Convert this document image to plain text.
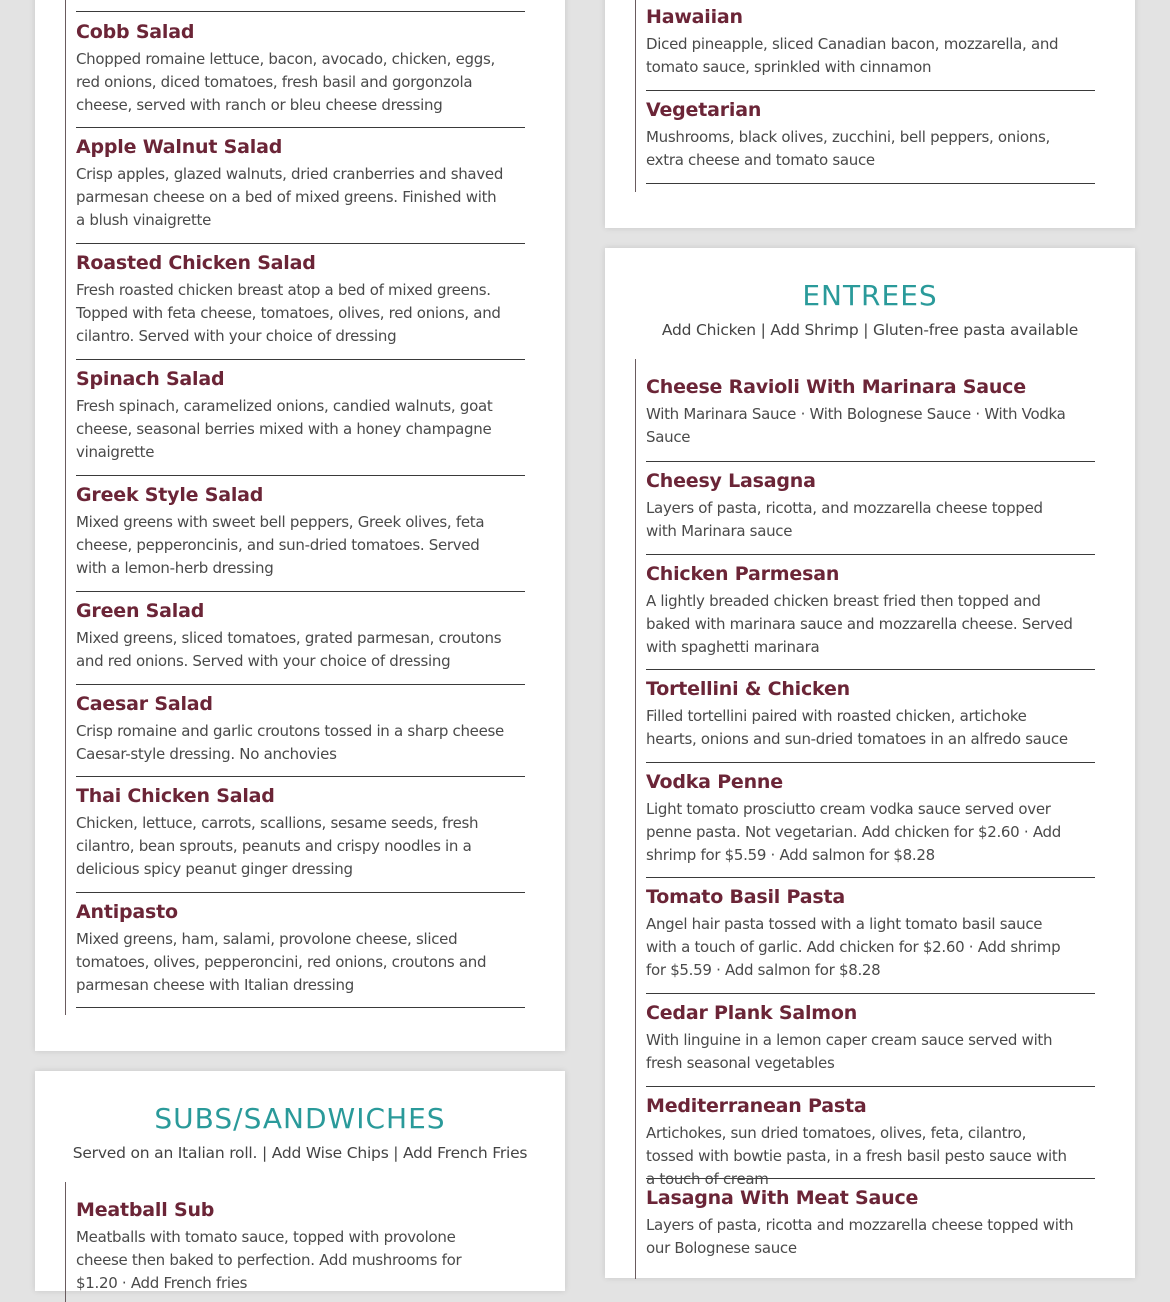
Cobb Salad

Chopped romaine lettuce, bacon, avocado, chicken, eggs, red onions, diced tomatoes, fresh basil and gorgonzola cheese, served with ranch or bleu cheese dressing

Apple Walnut Salad

Crisp apples, glazed walnuts, dried cranberries and shaved parmesan cheese on a bed of mixed greens. Finished with a blush vinaigrette

Roasted Chicken Salad

Fresh roasted chicken breast atop a bed of mixed greens. Topped with feta cheese, tomatoes, olives, red onions, and cilantro. Served with your choice of dressing

Spinach Salad

Fresh spinach, caramelized onions, candied walnuts, goat cheese, seasonal berries mixed with a honey champagne vinaigrette

Greek Style Salad

Mixed greens with sweet bell peppers, Greek olives, feta cheese, pepperoncinis, and sun-dried tomatoes. Served with a lemon-herb dressing

Green Salad

Mixed greens, sliced tomatoes, grated parmesan, croutons and red onions. Served with your choice of dressing

Caesar Salad

Crisp romaine and garlic croutons tossed in a sharp cheese Caesar-style dressing. No anchovies

Thai Chicken Salad

Chicken, lettuce, carrots, scallions, sesame seeds, fresh cilantro, bean sprouts, peanuts and crispy noodles in a delicious spicy peanut ginger dressing

Antipasto

Mixed greens, ham, salami, provolone cheese, sliced tomatoes, olives, pepperoncini, red onions, croutons and parmesan cheese with Italian dressing

SUBS/SANDWICHES

Served on an Italian roll. | Add Wise Chips | Add French Fries

Meatball Sub

Meatballs with tomato sauce, topped with provolone cheese then baked to perfection. Add mushrooms for $1.20 · Add French fries

Hawaiian

Diced pineapple, sliced Canadian bacon, mozzarella, and tomato sauce, sprinkled with cinnamon

Vegetarian

Mushrooms, black olives, zucchini, bell peppers, onions, extra cheese and tomato sauce

ENTREES

Add Chicken | Add Shrimp | Gluten-free pasta available

Cheese Ravioli With Marinara Sauce

With Marinara Sauce · With Bolognese Sauce · With Vodka Sauce

Cheesy Lasagna

Layers of pasta, ricotta, and mozzarella cheese topped with Marinara sauce

Chicken Parmesan

A lightly breaded chicken breast fried then topped and baked with marinara sauce and mozzarella cheese. Served with spaghetti marinara

Tortellini & Chicken

Filled tortellini paired with roasted chicken, artichoke hearts, onions and sun-dried tomatoes in an alfredo sauce

Vodka Penne

Light tomato prosciutto cream vodka sauce served over penne pasta. Not vegetarian. Add chicken for $2.60 · Add shrimp for $5.59 · Add salmon for $8.28

Tomato Basil Pasta

Angel hair pasta tossed with a light tomato basil sauce with a touch of garlic. Add chicken for $2.60 · Add shrimp for $5.59 · Add salmon for $8.28

Cedar Plank Salmon

With linguine in a lemon caper cream sauce served with fresh seasonal vegetables

Mediterranean Pasta

Artichokes, sun dried tomatoes, olives, feta, cilantro, tossed with bowtie pasta, in a fresh basil pesto sauce with a touch of cream

Lasagna With Meat Sauce

Layers of pasta, ricotta and mozzarella cheese topped with our Bolognese sauce
